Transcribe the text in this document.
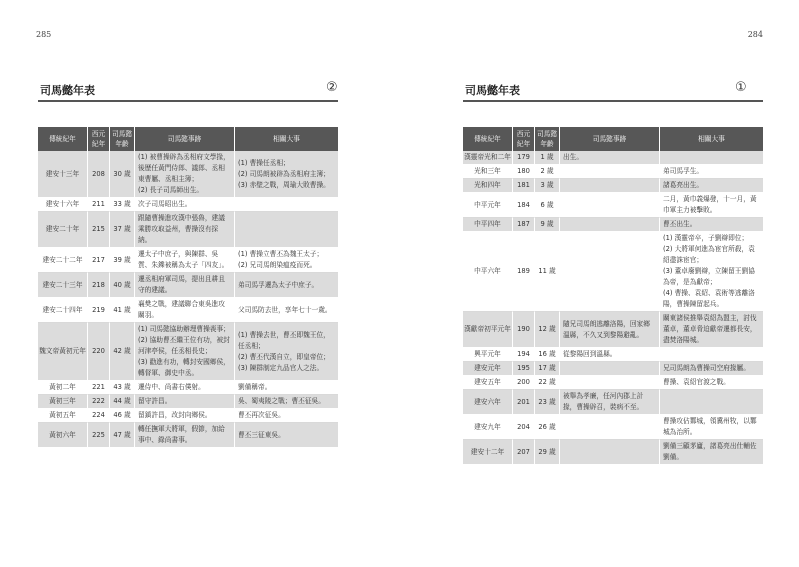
285
司馬懿年表	②
傳統紀年	西元紀年	司馬懿年齡	司馬懿事跡	相關大事
建安十三年	208	30 歲	(1) 被曹操辟為丞相府文學掾，後歷任黃門侍郎、議郎、丞相東曹屬、丞相主簿；
(2) 長子司馬師出生。	(1) 曹操任丞相；
(2) 司馬朗被辟為丞相府主簿；
(3) 赤壁之戰，周瑜大敗曹操。
建安十六年	211	33 歲	次子司馬昭出生。	
建安二十年	215	37 歲	跟隨曹操進攻漢中張魯，建議乘勝攻取益州，曹操沒有採納。	
建安二十二年	217	39 歲	遷太子中庶子，與陳群、吳質、朱鑠被稱為太子「四友」。	(1) 曹操立曹丕為魏王太子；
(2) 兄司馬朗染瘟疫而死。
建安二十三年	218	40 歲	遷丞相府軍司馬，提出且耕且守的建議。	弟司馬孚遷為太子中庶子。
建安二十四年	219	41 歲	襄樊之戰，建議聯合東吳進攻關羽。	父司馬防去世，享年七十一歲。
魏文帝黃初元年	220	42 歲	(1) 司馬懿協助辦理曹操喪事；
(2) 協助曹丕繼王位有功，被封河津亭侯，任丞相長史；
(3) 勸進有功，轉封安國鄉侯，轉督軍、御史中丞。	(1) 曹操去世，曹丕即魏王位，任丞相；
(2) 曹丕代漢自立，即皇帝位；
(3) 陳群制定九品官人之法。
黃初二年	221	43 歲	遷侍中、尚書右僕射。	劉備稱帝。
黃初三年	222	44 歲	留守許昌。	吳、蜀夷陵之戰；曹丕征吳。
黃初五年	224	46 歲	留鎮許昌，改封向鄉侯。	曹丕再次征吳。
黃初六年	225	47 歲	轉任撫軍大將軍，假節，加給事中、錄尚書事。	曹丕三征東吳。
284
司馬懿年表	①
傳統紀年	西元紀年	司馬懿年齡	司馬懿事跡	相關大事
漢靈帝光和二年	179	1 歲	出生。	
光和三年	180	2 歲		弟司馬孚生。
光和四年	181	3 歲		諸葛亮出生。
中平元年	184	6 歲		二月，黃巾義爆發，十一月，黃巾軍主力被擊敗。
中平四年	187	9 歲		曹丕出生。
中平六年	189	11 歲		(1) 漢靈帝卒，子劉辯即位；
(2) 大將軍何進為宦官所殺，袁紹盡誅宦官；
(3) 董卓廢劉辯，立陳留王劉協為帝，是為獻帝；
(4) 曹操、袁紹、袁術等逃離洛陽，曹操陳留起兵。
漢獻帝初平元年	190	12 歲	隨兄司馬朗逃離洛陽，回家鄉溫縣，不久又到黎陽避亂。	關東諸侯推舉袁紹為盟主，討伐董卓，董卓脅迫獻帝遷都長安，盡焚洛陽城。
興平元年	194	16 歲	從黎陽回到溫縣。	
建安元年	195	17 歲		兄司馬朗為曹操司空府掾屬。
建安五年	200	22 歲		曹操、袁紹官渡之戰。
建安六年	201	23 歲	被舉為孝廉，任河內郡上計掾，曹操辟召，裝病不至。	
建安九年	204	26 歲		曹操攻佔鄴城，領冀州牧，以鄴城為治所。
建安十二年	207	29 歲		劉備三顧茅廬，諸葛亮出仕輔佐劉備。
